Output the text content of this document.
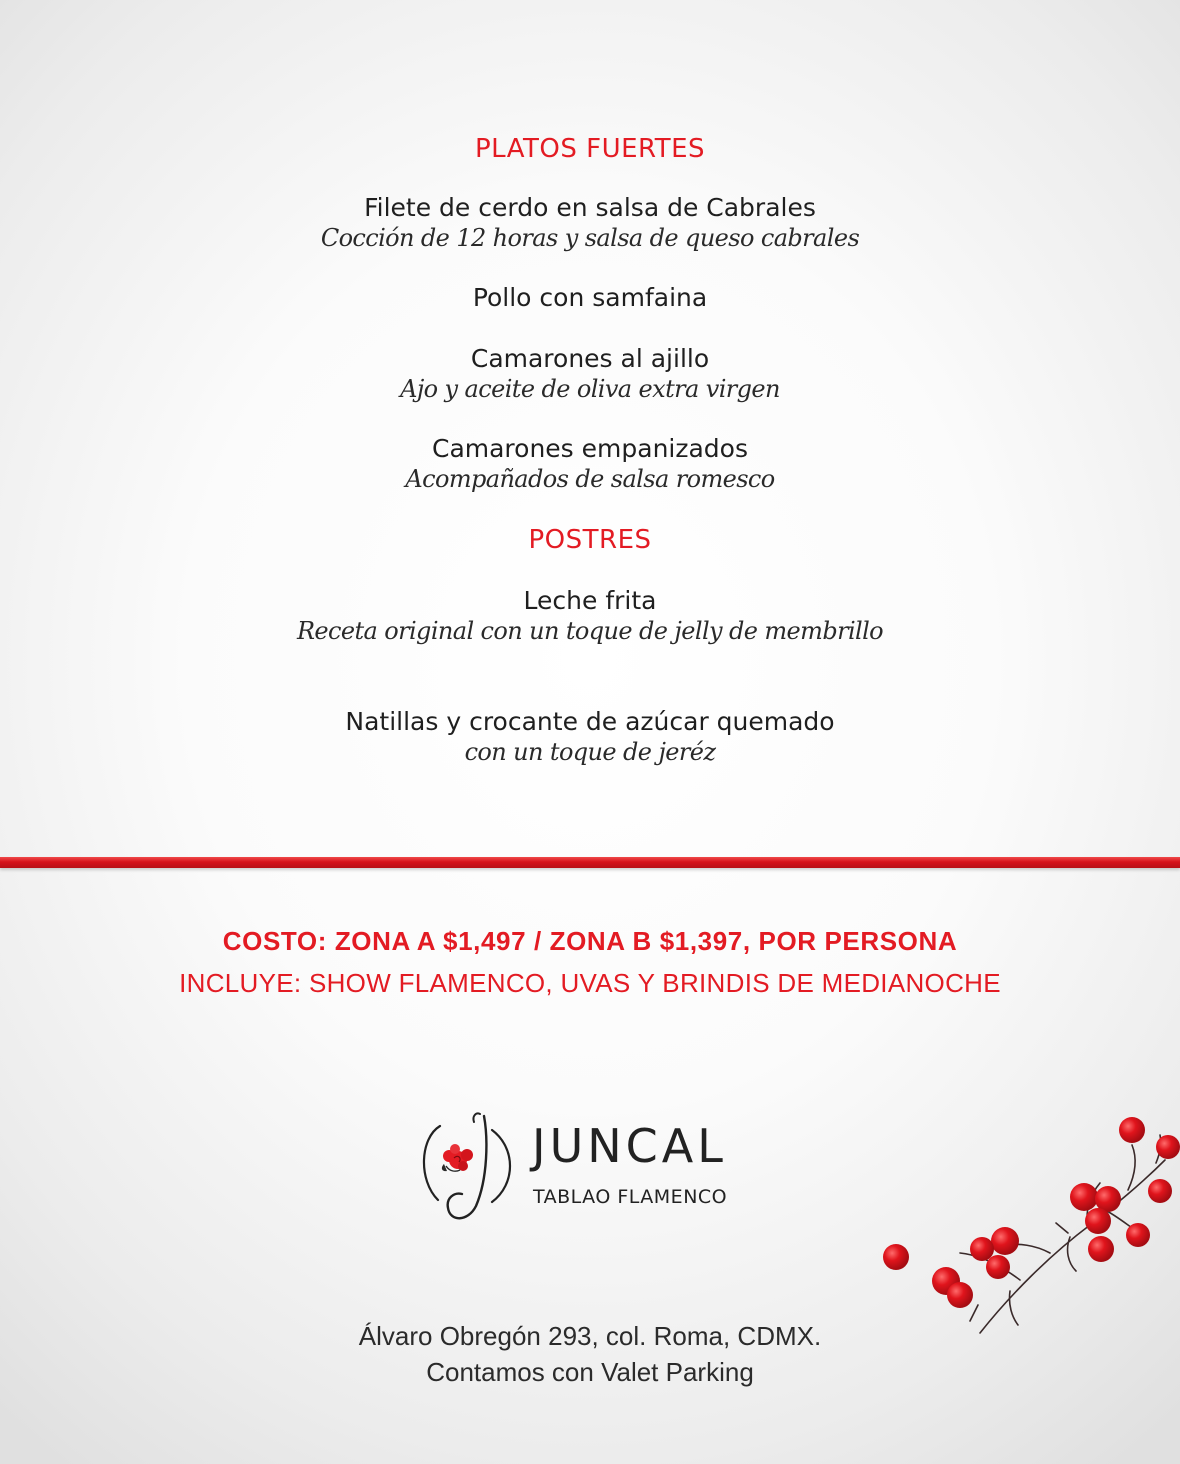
PLATOS FUERTES
Filete de cerdo en salsa de Cabrales
Cocción de 12 horas y salsa de queso cabrales
Pollo con samfaina
Camarones al ajillo
Ajo y aceite de oliva extra virgen
Camarones empanizados
Acompañados de salsa romesco
POSTRES
Leche frita
Receta original con un toque de jelly de membrillo
Natillas y crocante de azúcar quemado
con un toque de jeréz
COSTO: ZONA A $1,497 / ZONA B $1,397, POR PERSONA
INCLUYE: SHOW FLAMENCO, UVAS Y BRINDIS DE MEDIANOCHE
JUNCAL
TABLAO FLAMENCO
Álvaro Obregón 293, col. Roma, CDMX.
Contamos con Valet Parking
